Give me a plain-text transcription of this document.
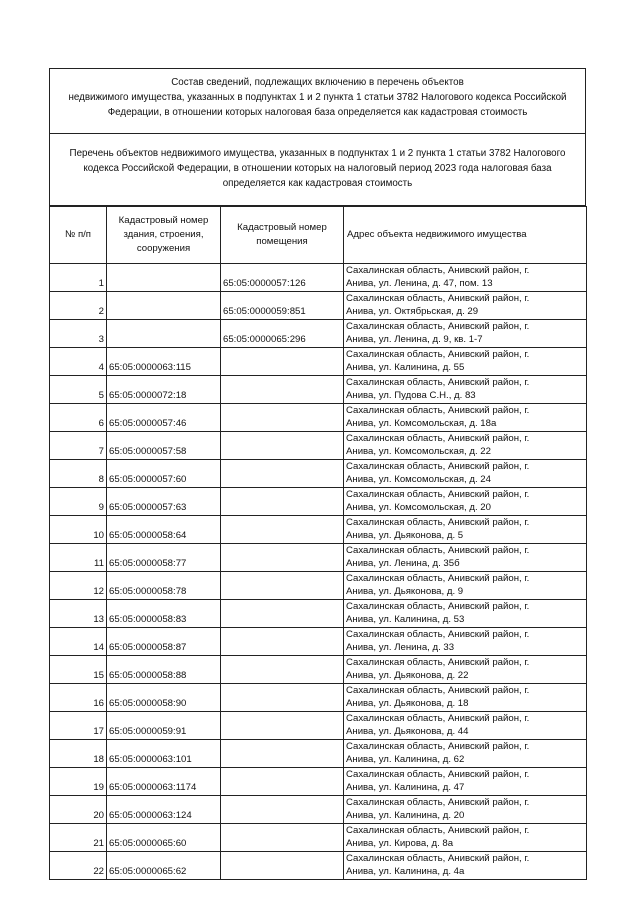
Состав сведений, подлежащих включению в перечень объектов
недвижимого имущества, указанных в подпунктах 1 и 2 пункта 1 статьи 3782 Налогового кодекса Российской
Федерации, в отношении которых налоговая база определяется как кадастровая стоимость
Перечень объектов недвижимого имущества, указанных в подпунктах 1 и 2 пункта 1 статьи 3782 Налогового
кодекса Российской Федерации, в отношении которых на налоговый период 2023 года налоговая база
определяется как кадастровая стоимость
№ п/п	Кадастровый номер здания, строения, сооружения	Кадастровый номер помещения	Адрес объекта недвижимого имущества
1		65:05:0000057:126	Сахалинская область, Анивский район, г.
Анива, ул. Ленина, д. 47, пом. 13

2		65:05:0000059:851	Сахалинская область, Анивский район, г.
Анива, ул. Октябрьская, д. 29

3		65:05:0000065:296	Сахалинская область, Анивский район, г.
Анива, ул. Ленина, д. 9, кв. 1-7

4	65:05:0000063:115		Сахалинская область, Анивский район, г.
Анива, ул. Калинина, д. 55

5	65:05:0000072:18		Сахалинская область, Анивский район, г.
Анива, ул. Пудова С.Н., д. 83

6	65:05:0000057:46		Сахалинская область, Анивский район, г.
Анива, ул. Комсомольская, д. 18а

7	65:05:0000057:58		Сахалинская область, Анивский район, г.
Анива, ул. Комсомольская, д. 22

8	65:05:0000057:60		Сахалинская область, Анивский район, г.
Анива, ул. Комсомольская, д. 24

9	65:05:0000057:63		Сахалинская область, Анивский район, г.
Анива, ул. Комсомольская, д. 20

10	65:05:0000058:64		Сахалинская область, Анивский район, г.
Анива, ул. Дьяконова, д. 5

11	65:05:0000058:77		Сахалинская область, Анивский район, г.
Анива, ул. Ленина, д. 35б

12	65:05:0000058:78		Сахалинская область, Анивский район, г.
Анива, ул. Дьяконова, д. 9

13	65:05:0000058:83		Сахалинская область, Анивский район, г.
Анива, ул. Калинина, д. 53

14	65:05:0000058:87		Сахалинская область, Анивский район, г.
Анива, ул. Ленина, д. 33

15	65:05:0000058:88		Сахалинская область, Анивский район, г.
Анива, ул. Дьяконова, д. 22

16	65:05:0000058:90		Сахалинская область, Анивский район, г.
Анива, ул. Дьяконова, д. 18

17	65:05:0000059:91		Сахалинская область, Анивский район, г.
Анива, ул. Дьяконова, д. 44

18	65:05:0000063:101		Сахалинская область, Анивский район, г.
Анива, ул. Калинина, д. 62

19	65:05:0000063:1174		Сахалинская область, Анивский район, г.
Анива, ул. Калинина, д. 47

20	65:05:0000063:124		Сахалинская область, Анивский район, г.
Анива, ул. Калинина, д. 20

21	65:05:0000065:60		Сахалинская область, Анивский район, г.
Анива, ул. Кирова, д. 8а

22	65:05:0000065:62		Сахалинская область, Анивский район, г.
Анива, ул. Калинина, д. 4а
